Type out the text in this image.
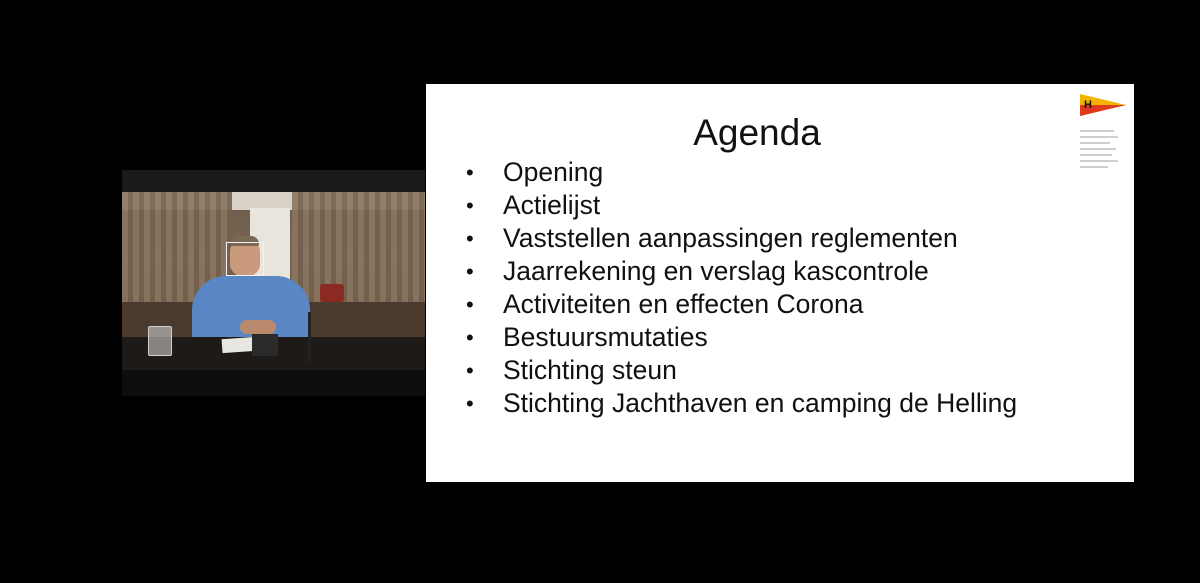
H
Agenda
• Opening
• Actielijst
• Vaststellen aanpassingen reglementen
• Jaarrekening en verslag kascontrole
• Activiteiten en effecten Corona
• Bestuursmutaties
• Stichting steun
• Stichting Jachthaven en camping de Helling
